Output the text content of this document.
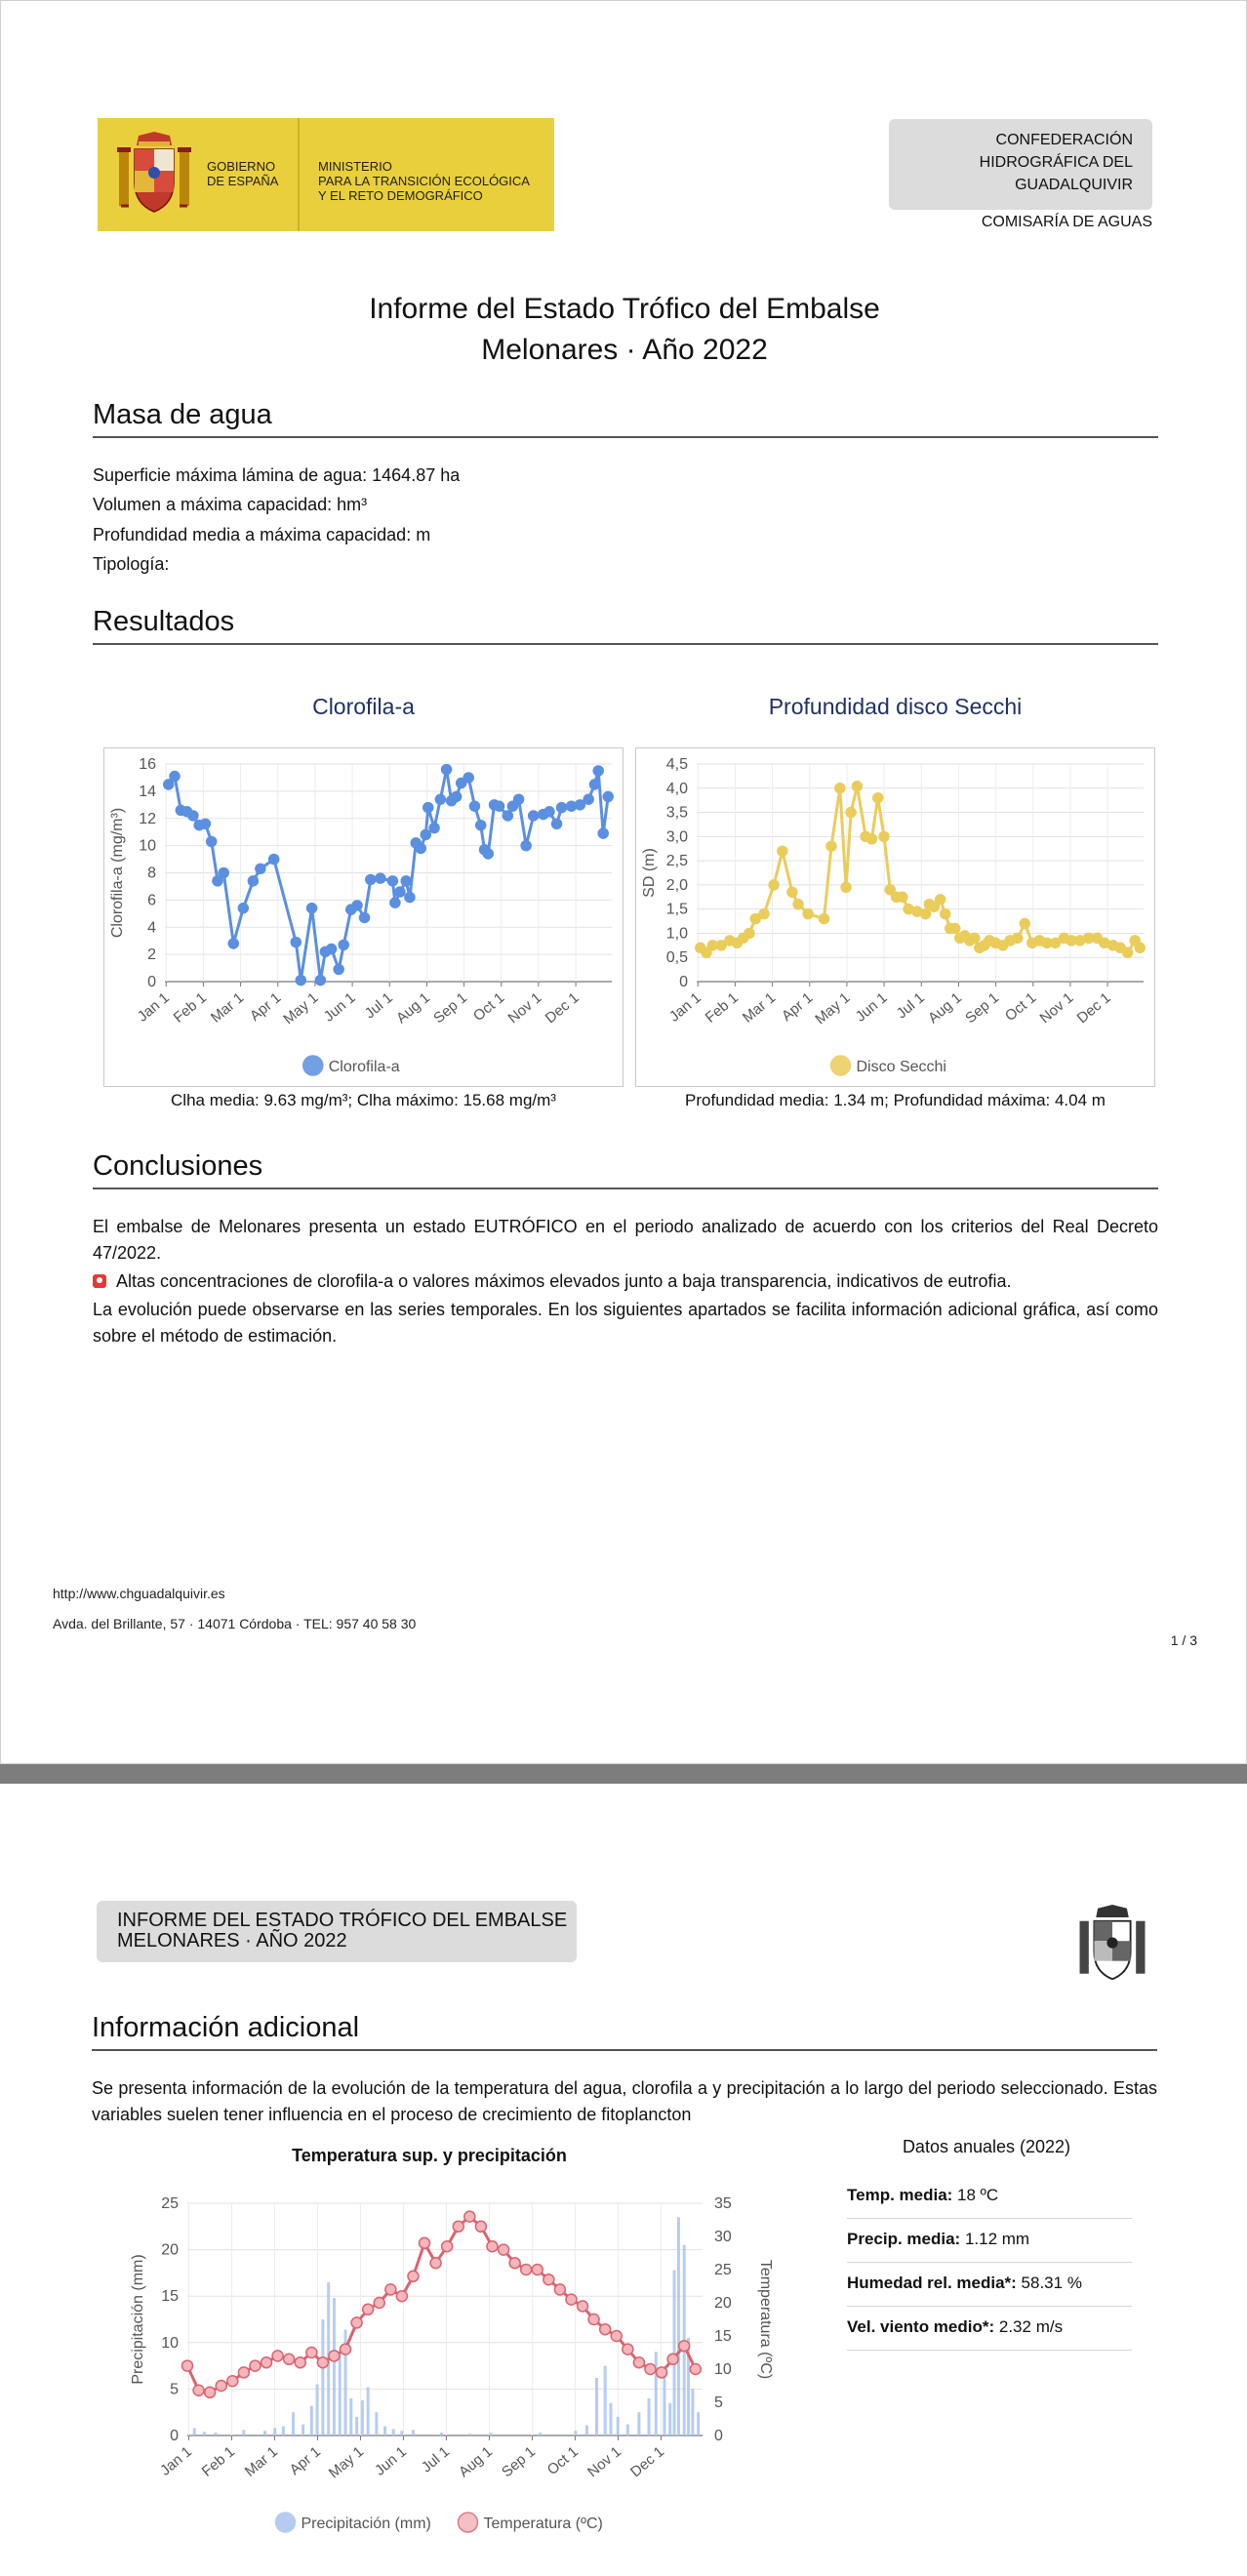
GOBIERNO
DE ESPAÑA
MINISTERIO
PARA LA TRANSICIÓN ECOLÓGICA
Y EL RETO DEMOGRÁFICO
CONFEDERACIÓN
HIDROGRÁFICA DEL
GUADALQUIVIR
COMISARÍA DE AGUAS
Informe del Estado Trófico del Embalse
Melonares · Año 2022
Masa de agua
Superficie máxima lámina de agua: 1464.87 ha
Volumen a máxima capacidad: hm³
Profundidad media a máxima capacidad: m
Tipología:
Resultados
Clorofila-a	Profundidad disco Secchi
0
2
4
6
8
10
12
14
16
Jan 1
Feb 1
Mar 1 Apr 1
May 1 Jun 1 Jul 1
Aug 1
Sep 1 Oct 1
Nov 1
Dec 1
Clorofila-a (mg/m³)
Clorofila-a
0
0,5
1,0
1,5
2,0
2,5
3,0
3,5
4,0
4,5
Jan 1
Feb 1
Mar 1 Apr 1
May 1 Jun 1 Jul 1
Aug 1
Sep 1 Oct 1
Nov 1
Dec 1
SD (m)
Disco Secchi
Clha media: 9.63 mg/m³; Clha máximo: 15.68 mg/m³	Profundidad media: 1.34 m; Profundidad máxima: 4.04 m
Conclusiones
El embalse de Melonares presenta un estado EUTRÓFICO en el periodo analizado de acuerdo con los criterios del Real Decreto 47/2022.
Altas concentraciones de clorofila-a o valores máximos elevados junto a baja transparencia, indicativos de eutrofia.
La evolución puede observarse en las series temporales. En los siguientes apartados se facilita información adicional gráfica, así como sobre el método de estimación.
http://www.chguadalquivir.es
Avda. del Brillante, 57 · 14071 Córdoba · TEL: 957 40 58 30
1 / 3
INFORME DEL ESTADO TRÓFICO DEL EMBALSE
MELONARES · AÑO 2022
Información adicional
Se presenta información de la evolución de la temperatura del agua, clorofila a y precipitación a lo largo del periodo seleccionado. Estas variables suelen tener influencia en el proceso de crecimiento de fitoplancton
Temperatura sup. y precipitación
0
5
10
15
20
25
0
5
10
15
20
25
30
35
Jan 1 Feb 1 Mar 1 Apr 1 May 1 Jun 1 Jul 1 Aug 1 Sep 1 Oct 1 Nov 1 Dec 1
Precipitación (mm)	Temperatura (ºC)
Precipitación (mm)	Temperatura (ºC)
Datos anuales (2022)
Temp. media: 18 ºC
Precip. media: 1.12 mm
Humedad rel. media*: 58.31 %
Vel. viento medio*: 2.32 m/s
